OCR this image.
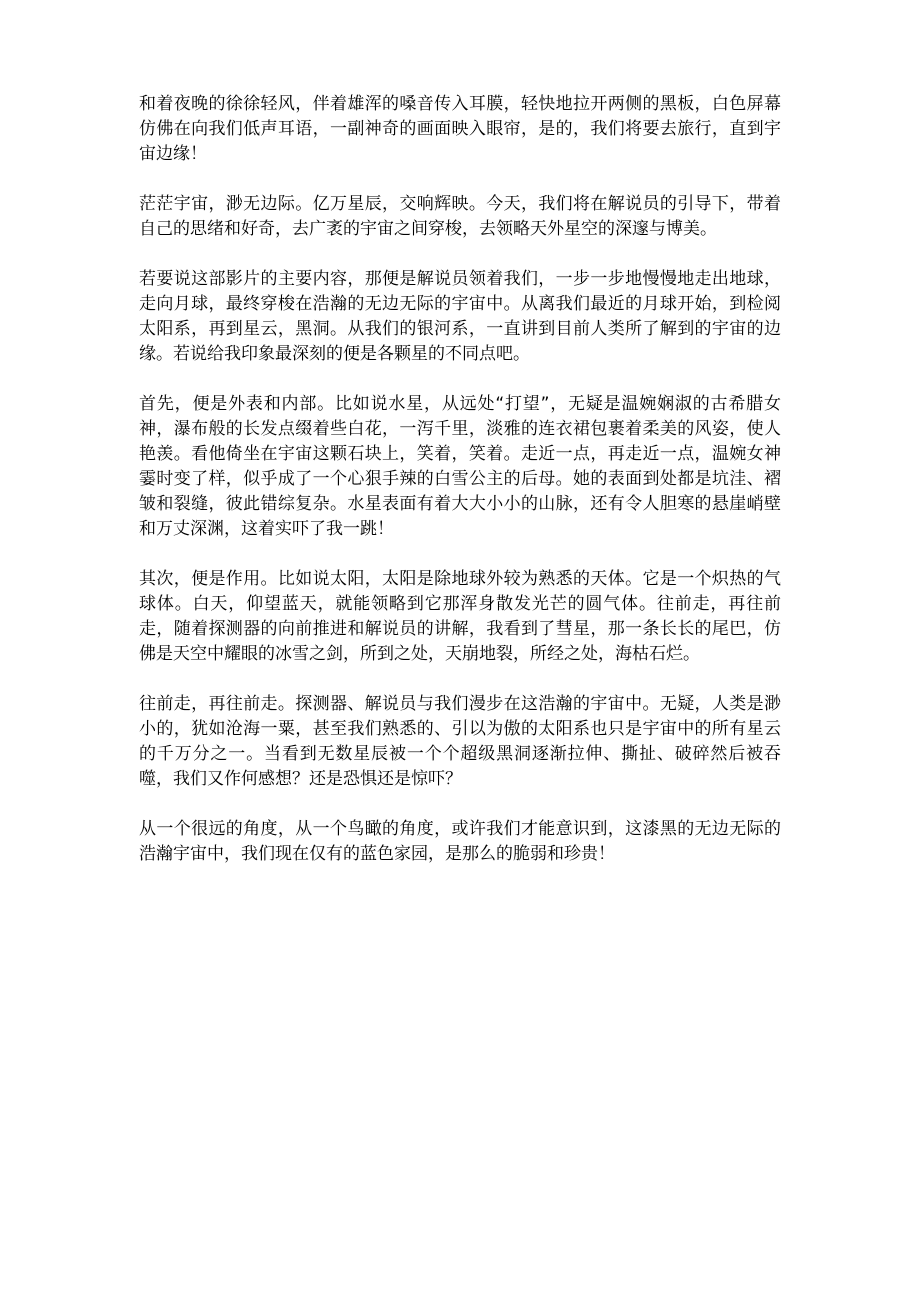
和着夜晚的徐徐轻风，伴着雄浑的嗓音传入耳膜，轻快地拉开两侧的黑板，白色屏幕仿佛在向我们低声耳语，一副神奇的画面映入眼帘，是的，我们将要去旅行，直到宇宙边缘！

茫茫宇宙，渺无边际。亿万星辰，交响辉映。今天，我们将在解说员的引导下，带着自己的思绪和好奇，去广袤的宇宙之间穿梭，去领略天外星空的深邃与博美。

若要说这部影片的主要内容，那便是解说员领着我们，一步一步地慢慢地走出地球，走向月球，最终穿梭在浩瀚的无边无际的宇宙中。从离我们最近的月球开始，到检阅太阳系，再到星云，黑洞。从我们的银河系，一直讲到目前人类所了解到的宇宙的边缘。若说给我印象最深刻的便是各颗星的不同点吧。

首先，便是外表和内部。比如说水星，从远处“打望”，无疑是温婉娴淑的古希腊女神，瀑布般的长发点缀着些白花，一泻千里，淡雅的连衣裙包裹着柔美的风姿，使人艳羡。看他倚坐在宇宙这颗石块上，笑着，笑着。走近一点，再走近一点，温婉女神霎时变了样，似乎成了一个心狠手辣的白雪公主的后母。她的表面到处都是坑洼、褶皱和裂缝，彼此错综复杂。水星表面有着大大小小的山脉，还有令人胆寒的悬崖峭壁和万丈深渊，这着实吓了我一跳！

其次，便是作用。比如说太阳，太阳是除地球外较为熟悉的天体。它是一个炽热的气球体。白天，仰望蓝天，就能领略到它那浑身散发光芒的圆气体。往前走，再往前走，随着探测器的向前推进和解说员的讲解，我看到了彗星，那一条长长的尾巴，仿佛是天空中耀眼的冰雪之剑，所到之处，天崩地裂，所经之处，海枯石烂。

往前走，再往前走。探测器、解说员与我们漫步在这浩瀚的宇宙中。无疑，人类是渺小的，犹如沧海一粟，甚至我们熟悉的、引以为傲的太阳系也只是宇宙中的所有星云的千万分之一。当看到无数星辰被一个个超级黑洞逐渐拉伸、撕扯、破碎然后被吞噬，我们又作何感想？还是恐惧还是惊吓？

从一个很远的角度，从一个鸟瞰的角度，或许我们才能意识到，这漆黑的无边无际的浩瀚宇宙中，我们现在仅有的蓝色家园，是那么的脆弱和珍贵！
